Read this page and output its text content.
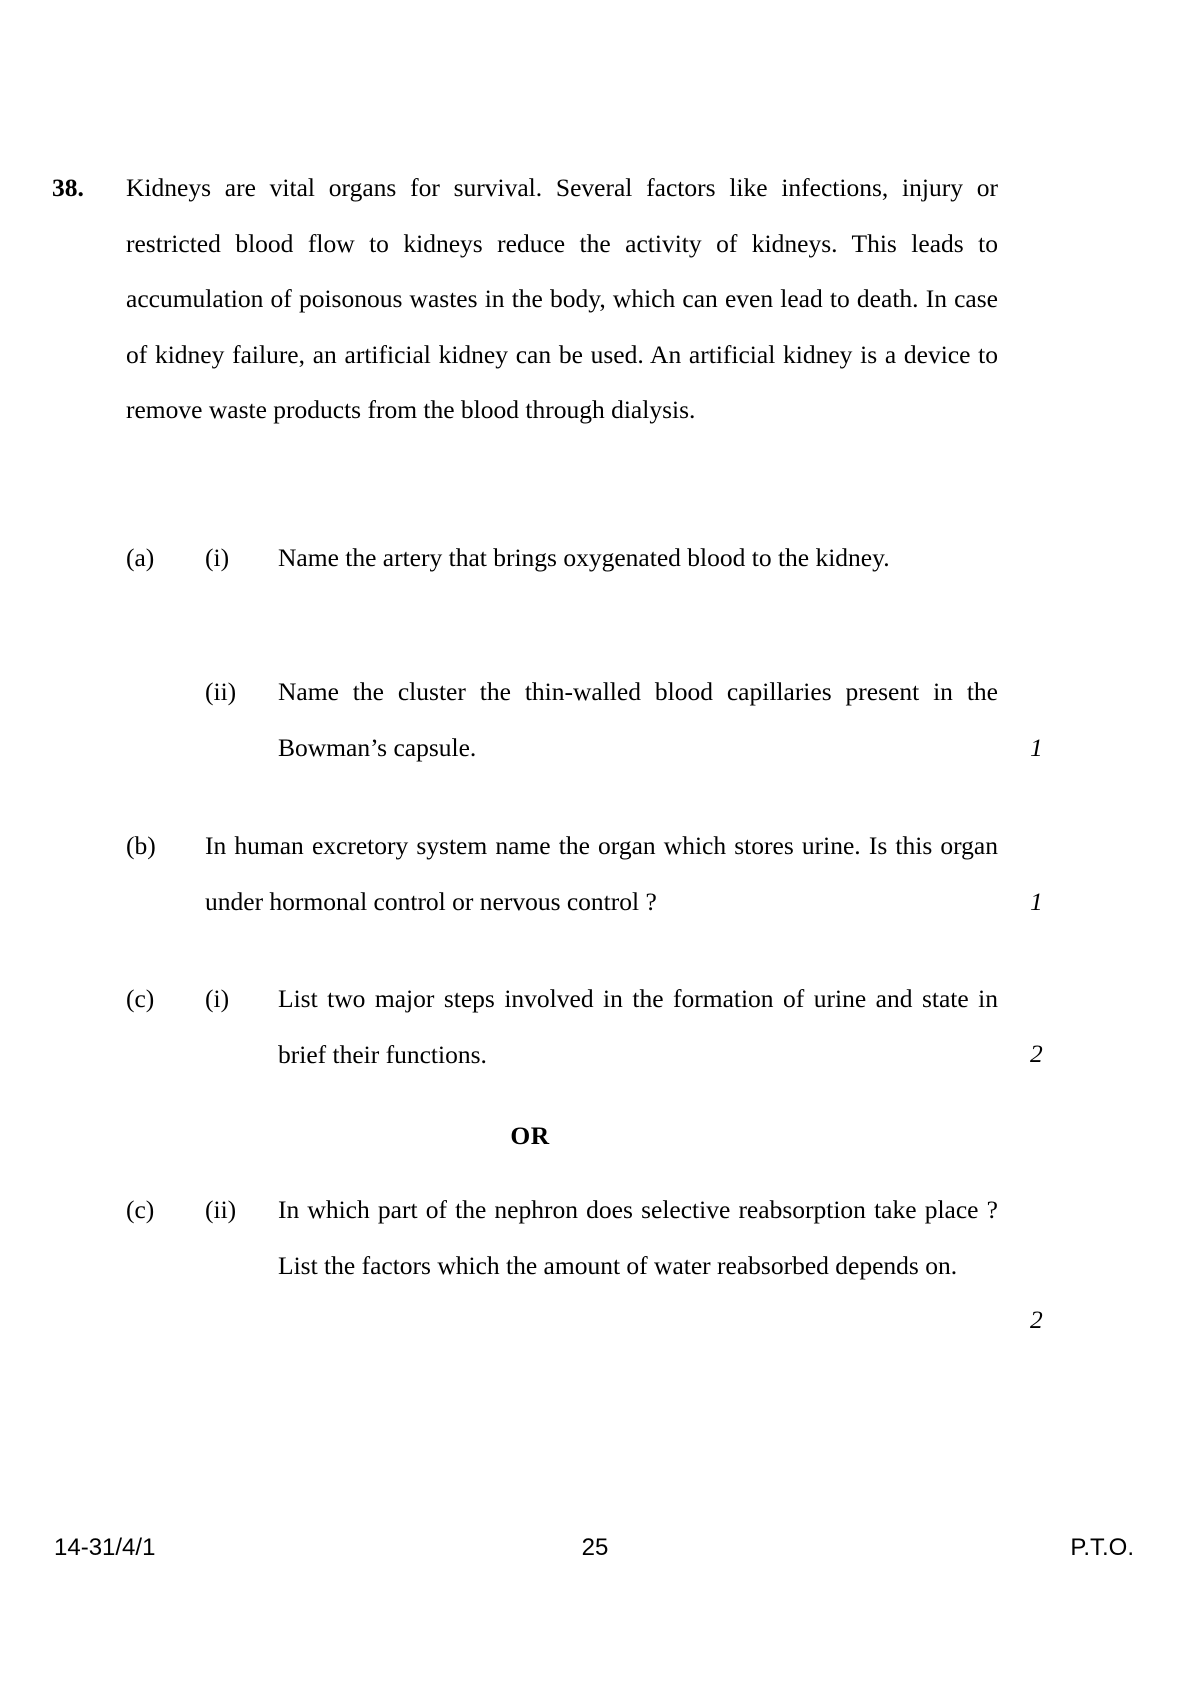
38.	Kidneys are vital organs for survival. Several factors like infections, injury or restricted blood flow to kidneys reduce the activity of kidneys. This leads to accumulation of poisonous wastes in the body, which can even lead to death. In case of kidney failure, an artificial kidney can be used. An artificial kidney is a device to remove waste products from the blood through dialysis.
(a)	(i)	Name the artery that brings oxygenated blood to the kidney.
(ii)	Name the cluster the thin-walled blood capillaries present in the Bowman’s capsule.	1
(b)	In human excretory system name the organ which stores urine. Is this organ under hormonal control or nervous control ?	1
(c)	(i)	List two major steps involved in the formation of urine and state in brief their functions.	2
OR
(c)	(ii)	In which part of the nephron does selective reabsorption take place ? List the factors which the amount of water reabsorbed depends on.
2
14-31/4/1	25	P.T.O.
